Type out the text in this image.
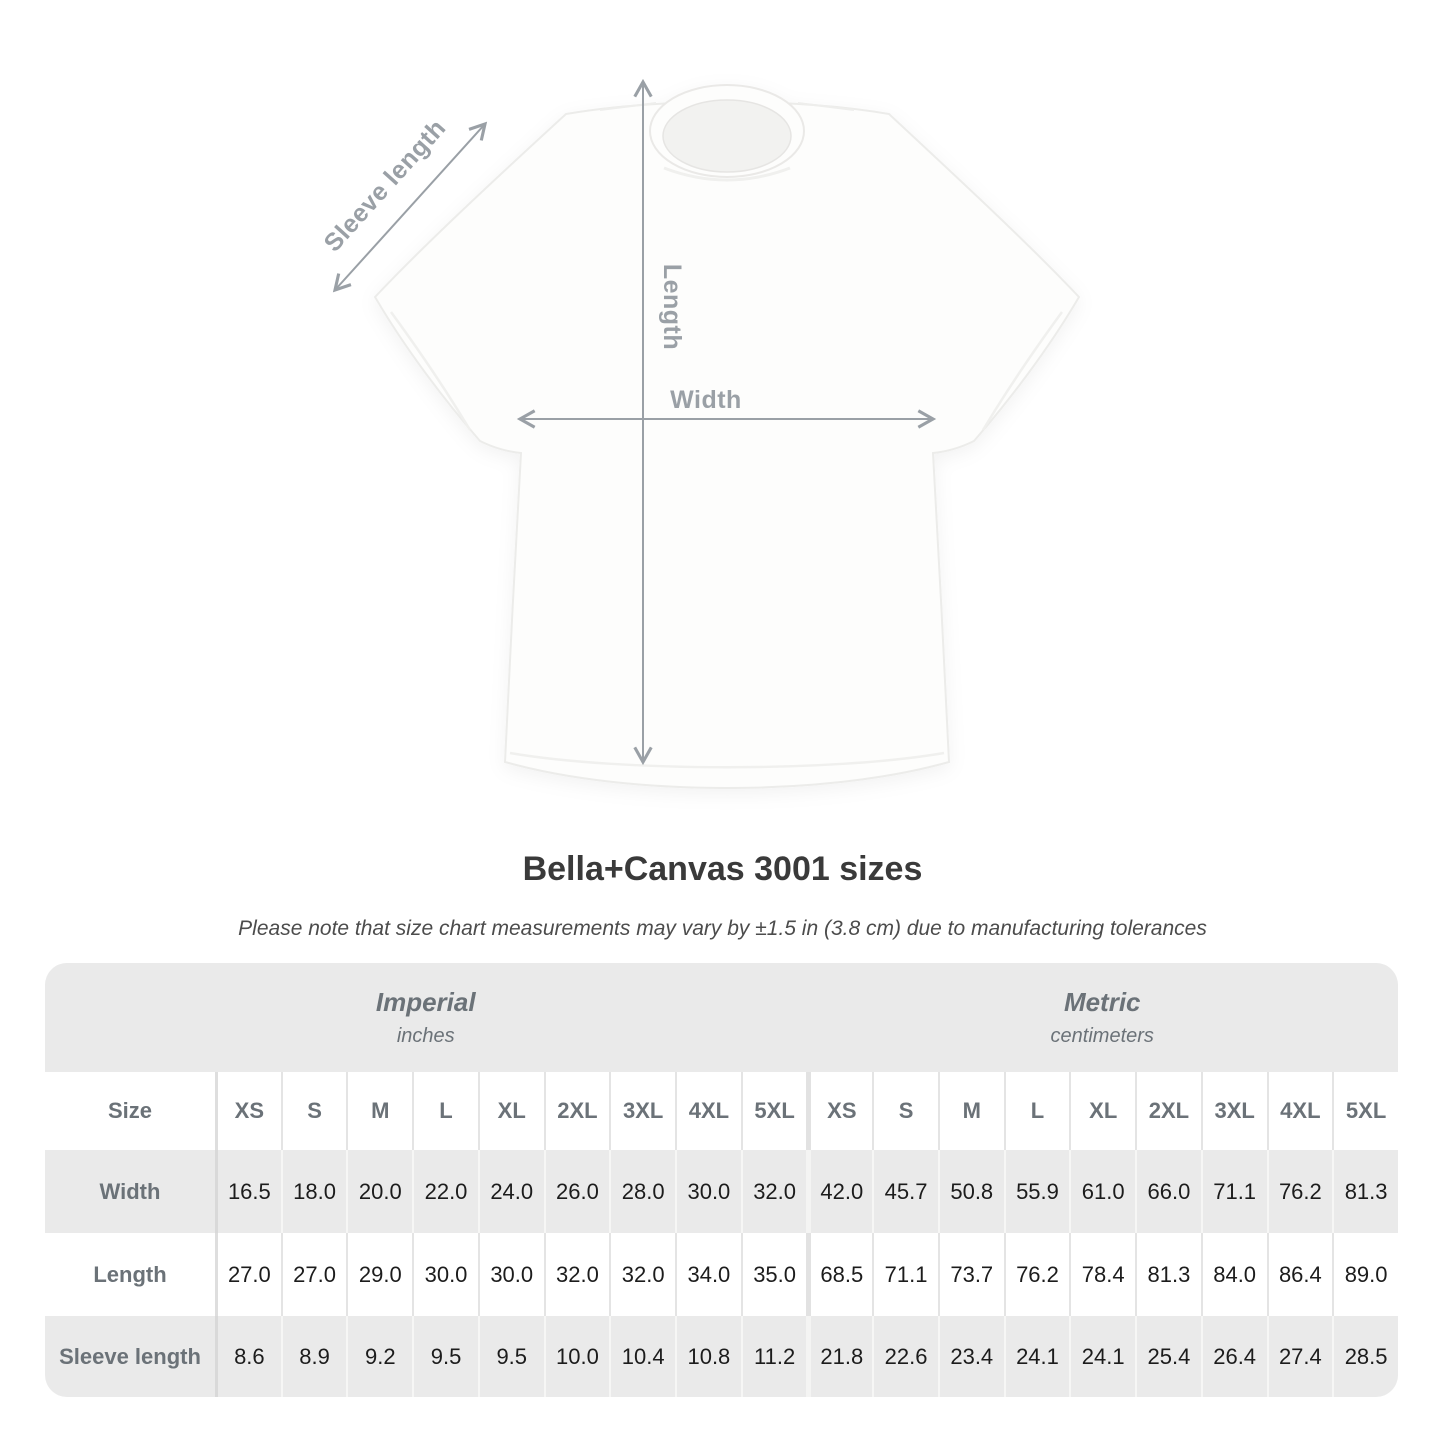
Width
Length
Sleeve length
Bella+Canvas 3001 sizes
Please note that size chart measurements may vary by ±1.5 in (3.8 cm) due to manufacturing tolerances
Imperial
inches

Metric
centimeters

Size	XS	S	M	L	XL	2XL	3XL	4XL	5XL	XS	S	M	L	XL	2XL	3XL	4XL	5XL
Width	16.5	18.0	20.0	22.0	24.0	26.0	28.0	30.0	32.0	42.0	45.7	50.8	55.9	61.0	66.0	71.1	76.2	81.3
Length	27.0	27.0	29.0	30.0	30.0	32.0	32.0	34.0	35.0	68.5	71.1	73.7	76.2	78.4	81.3	84.0	86.4	89.0
Sleeve length	8.6	8.9	9.2	9.5	9.5	10.0	10.4	10.8	11.2	21.8	22.6	23.4	24.1	24.1	25.4	26.4	27.4	28.5
